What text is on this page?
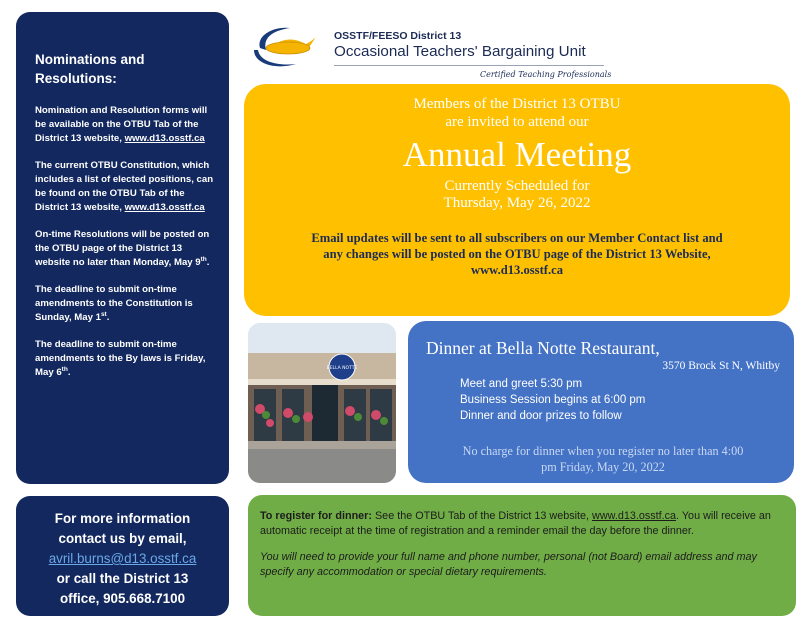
Nominations and Resolutions:

Nomination and Resolution forms will be available on the OTBU Tab of the District 13 website, www.d13.osstf.ca

The current OTBU Constitution, which includes a list of elected positions, can be found on the OTBU Tab of the District 13 website, www.d13.osstf.ca

On-time Resolutions will be posted on the OTBU page of the District 13 website no later than Monday, May 9th.

The deadline to submit on-time amendments to the Constitution is Sunday, May 1st.

The deadline to submit on-time amendments to the By laws is Friday, May 6th.

For more information
contact us by email,
avril.burns@d13.osstf.ca
or call the District 13
office, 905.668.7100
OSSTF/FEESO District 13
Occasional Teachers' Bargaining Unit
Certified Teaching Professionals
Members of the District 13 OTBU
are invited to attend our
Annual Meeting
Currently Scheduled for
Thursday, May 26, 2022
Email updates will be sent to all subscribers on our Member Contact list and
any changes will be posted on the OTBU page of the District 13 Website,
www.d13.osstf.ca
BELLA NOTTE
Dinner at Bella Notte Restaurant,
3570 Brock St N, Whitby
Meet and greet 5:30 pm
Business Session begins at 6:00 pm
Dinner and door prizes to follow
No charge for dinner when you register no later than 4:00
pm Friday, May 20, 2022
To register for dinner: See the OTBU Tab of the District 13 website, www.d13.osstf.ca. You will receive an automatic receipt at the time of registration and a reminder email the day before the dinner.
You will need to provide your full name and phone number, personal (not Board) email address and may specify any accommodation or special dietary requirements.
